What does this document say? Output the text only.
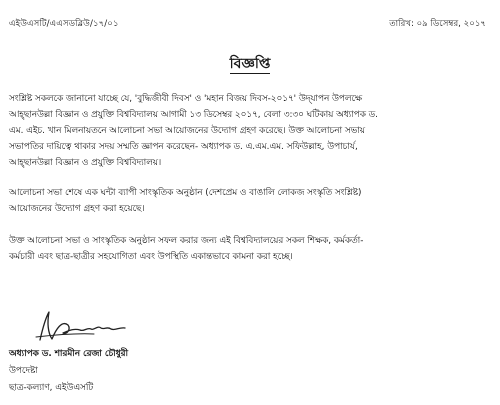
এইউএসটি/এএসডব্লিউ/১৭/০১	তারিখ: ০৯ ডিসেম্বর, ২০১৭
বিজ্ঞপ্তি
সংশ্লিষ্ট সকলকে জানানো যাচ্ছে যে, 'বুদ্ধিজীবী দিবস' ও 'মহান বিজয় দিবস-২০১৭' উদ্‌যাপন উপলক্ষে
আহ্‌ছানউল্লা বিজ্ঞান ও প্রযুক্তি বিশ্ববিদ্যালয় আগামী ১৩ ডিসেম্বর ২০১৭, বেলা ৩:৩০ ঘটিকায় অধ্যাপক ড.
এম. এইচ. খান মিলনায়তনে আলোচনা সভা আয়োজনের উদ্যোগ গ্রহণ করেছে। উক্ত আলোচনা সভায়
সভাপতির দায়িত্বে থাকার সদয় সম্মতি জ্ঞাপন করেছেন- অধ্যাপক ড. এ.এম.এম. সফিউল্লাহ, উপাচার্য,
আহ্‌ছানউল্লা বিজ্ঞান ও প্রযুক্তি বিশ্ববিদ্যালয়।
আলোচনা সভা শেষে এক ঘন্টা ব্যাপী সাংস্কৃতিক অনুষ্ঠান (দেশপ্রেম ও বাঙালি লোকজ সংস্কৃতি সংশ্লিষ্ট)
আয়োজনের উদ্যোগ গ্রহণ করা হয়েছে।
উক্ত আলোচনা সভা ও সাংস্কৃতিক অনুষ্ঠান সফল করার জন্য এই বিশ্ববিদ্যালয়ের সকল শিক্ষক, কর্মকর্তা-
কর্মচারী এবং ছাত্র-ছাত্রীর সহযোগিতা এবং উপস্থিতি একান্তভাবে কামনা করা হচ্ছে।
অধ্যাপক ড. শারমীন রেজা চৌধুরী
উপদেষ্টা
ছাত্র-কল্যাণ, এইউএসটি
